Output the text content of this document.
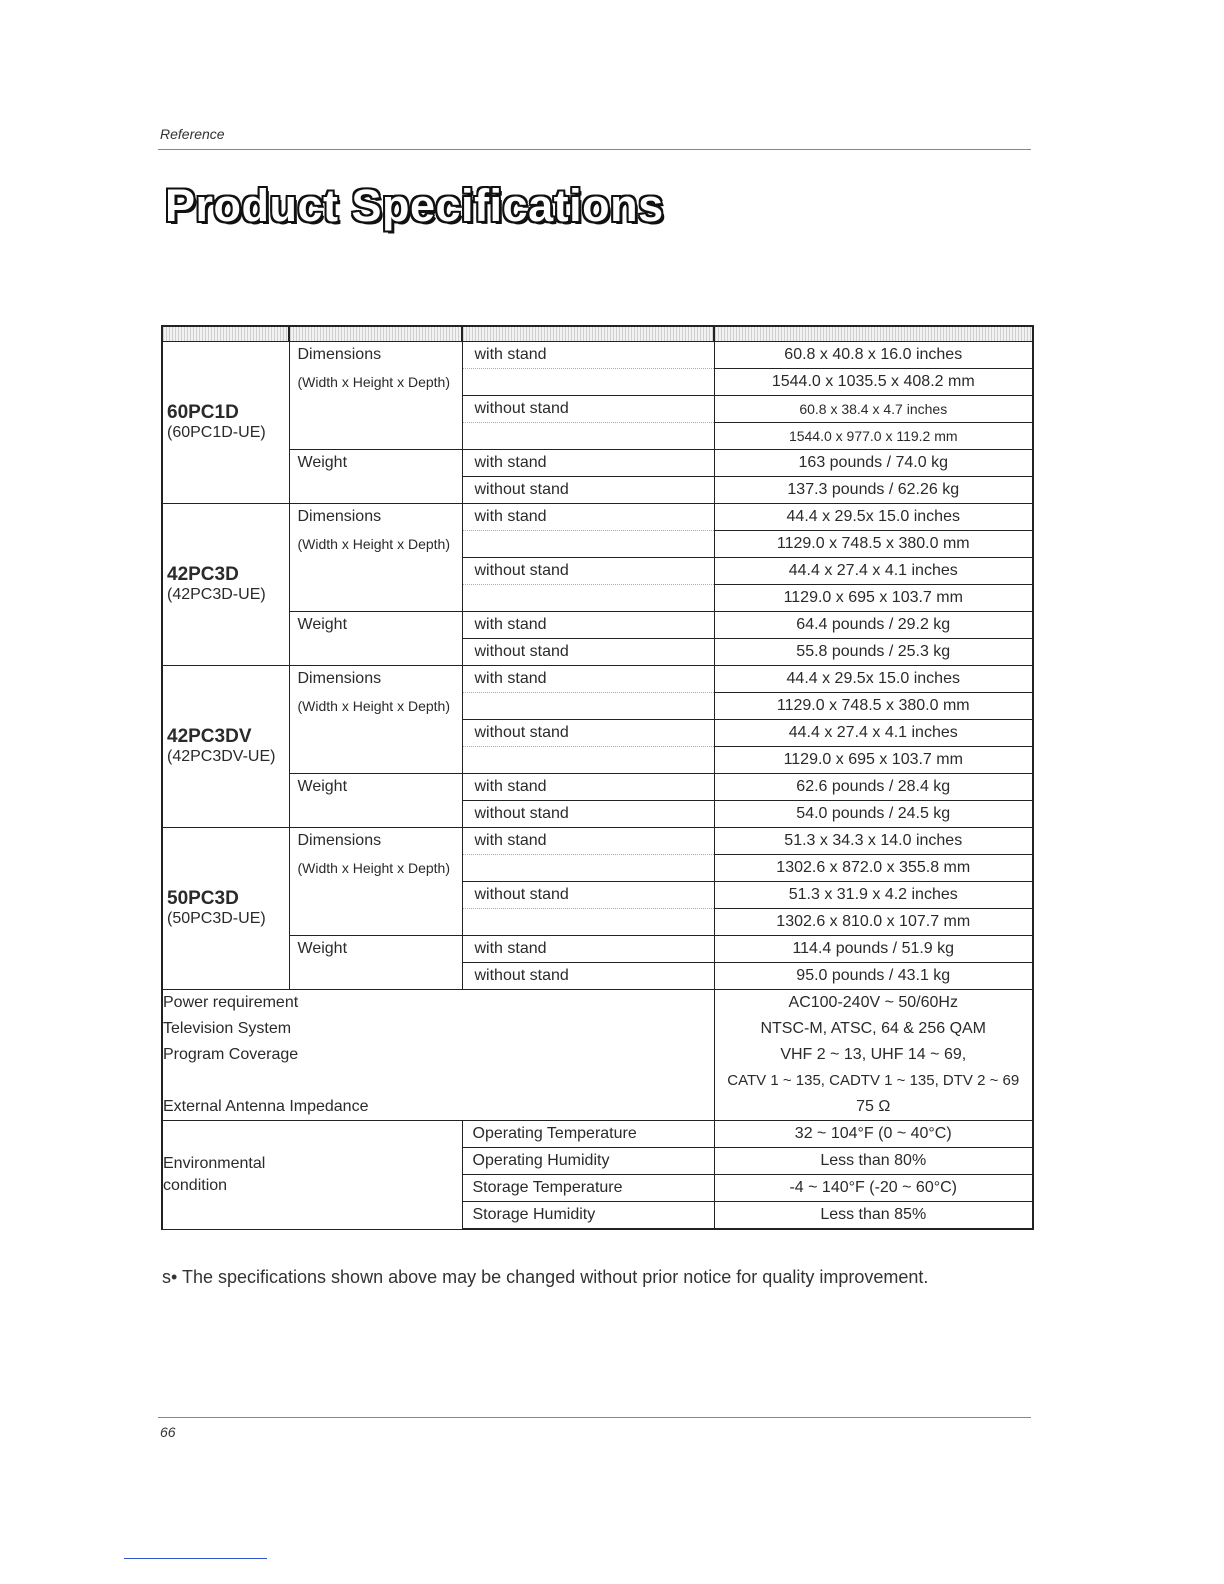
Reference
Product Specifications

60PC1D
(60PC1D-UE)	Dimensions	with stand	60.8 x 40.8 x 16.0 inches
	(Width x Height x Depth)		1544.0 x 1035.5 x 408.2 mm
		without stand	60.8 x 38.4 x 4.7 inches
			1544.0 x 977.0 x 119.2 mm
	Weight	with stand	163 pounds / 74.0 kg
		without stand	137.3 pounds / 62.26 kg

42PC3D
(42PC3D-UE)	Dimensions	with stand	44.4 x 29.5x 15.0 inches
	(Width x Height x Depth)		1129.0 x 748.5 x 380.0 mm
		without stand	44.4 x 27.4 x 4.1 inches
			1129.0 x 695 x 103.7 mm
	Weight	with stand	64.4 pounds / 29.2 kg
		without stand	55.8 pounds / 25.3 kg

42PC3DV
(42PC3DV-UE)	Dimensions	with stand	44.4 x 29.5x 15.0 inches
	(Width x Height x Depth)		1129.0 x 748.5 x 380.0 mm
		without stand	44.4 x 27.4 x 4.1 inches
			1129.0 x 695 x 103.7 mm
	Weight	with stand	62.6 pounds / 28.4 kg
		without stand	54.0 pounds / 24.5 kg

50PC3D
(50PC3D-UE)	Dimensions	with stand	51.3 x 34.3 x 14.0 inches
	(Width x Height x Depth)		1302.6 x 872.0 x 355.8 mm
		without stand	51.3 x 31.9 x 4.2 inches
			1302.6 x 810.0 x 107.7 mm
	Weight	with stand	114.4 pounds / 51.9 kg
		without stand	95.0 pounds / 43.1 kg
Power requirement			AC100-240V ~ 50/60Hz
Television System			NTSC-M, ATSC, 64 & 256 QAM
Program Coverage			VHF 2 ~ 13, UHF 14 ~ 69,
			CATV 1 ~ 135, CADTV 1 ~ 135, DTV 2 ~ 69
External Antenna Impedance			75 Ω

Environmental
condition		Operating Temperature	32 ~ 104°F (0 ~ 40°C)
		Operating Humidity	Less than 80%
		Storage Temperature	-4 ~ 140°F (-20 ~ 60°C)
		Storage Humidity	Less than 85%
s• The specifications shown above may be changed without prior notice for quality improvement.
66
